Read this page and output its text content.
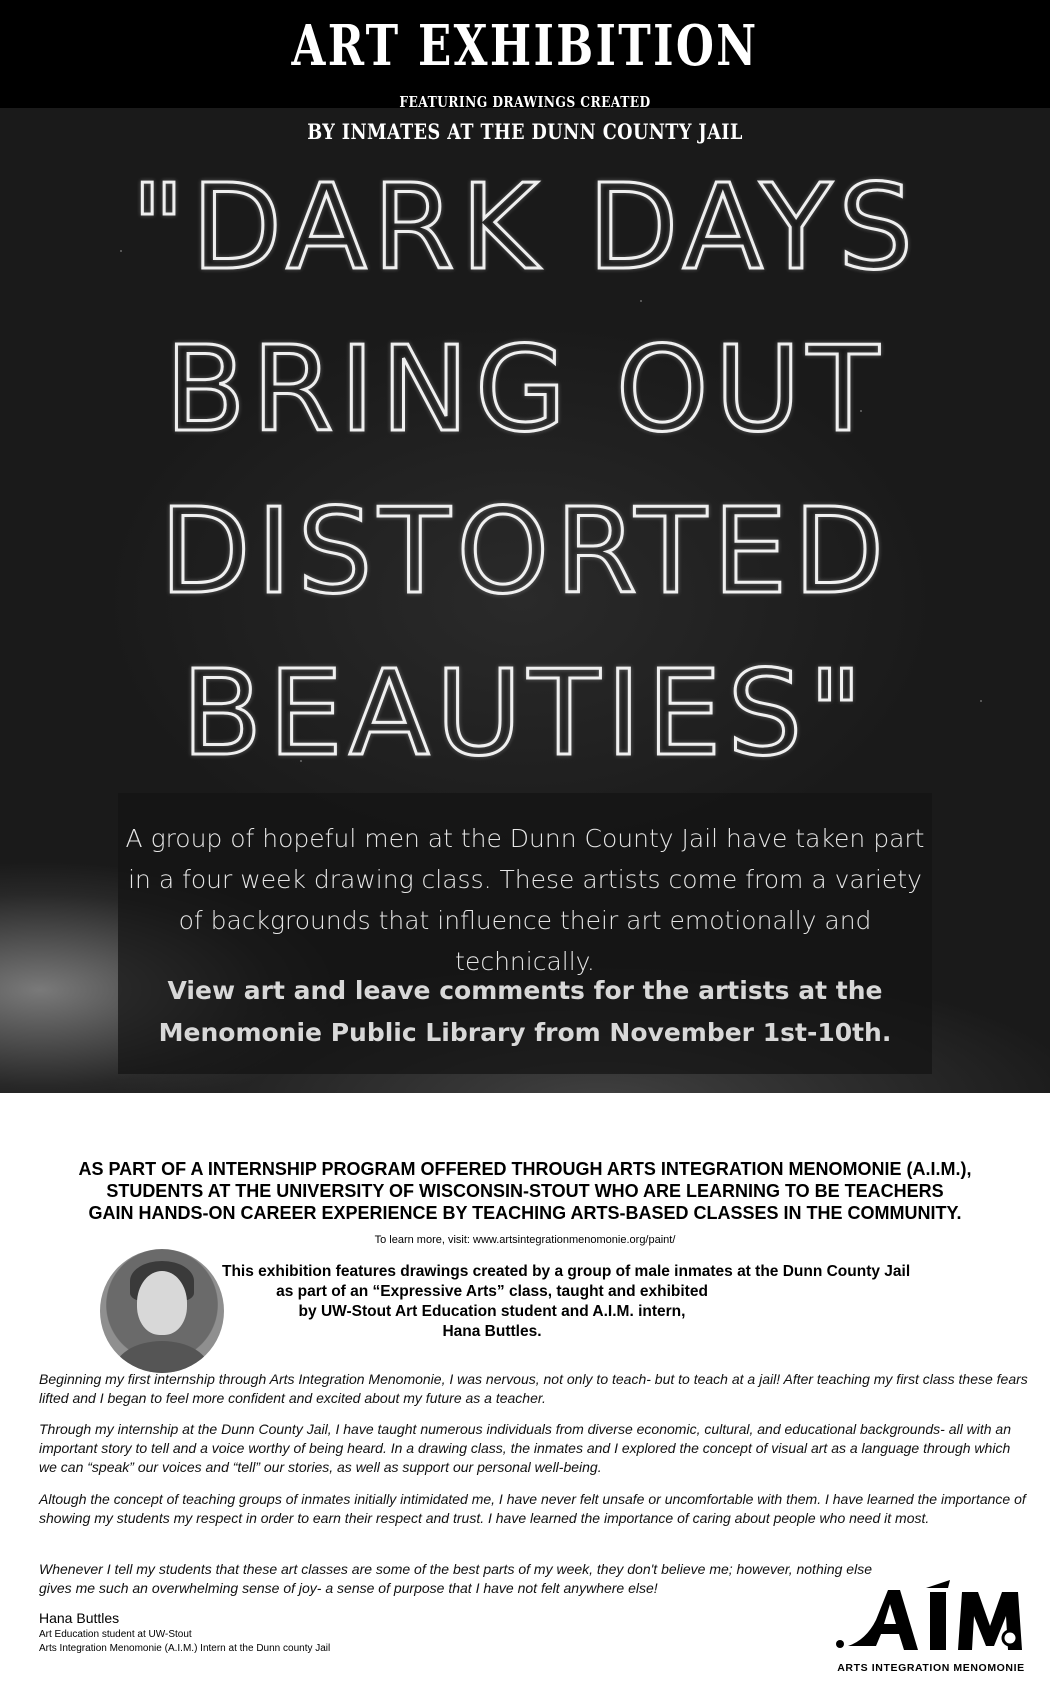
ART EXHIBITION
FEATURING DRAWINGS CREATED
BY INMATES AT THE DUNN COUNTY JAIL
"DARK DAYS
BRING OUT
DISTORTED
BEAUTIES"
A group of hopeful men at the Dunn County Jail have taken part in a four week drawing class. These artists come from a variety of backgrounds that influence their art emotionally and technically.
View art and leave comments for the artists at the Menomonie Public Library from November 1st-10th.
AS PART OF A INTERNSHIP PROGRAM OFFERED THROUGH ARTS INTEGRATION MENOMONIE (A.I.M.),
STUDENTS AT THE UNIVERSITY OF WISCONSIN-STOUT WHO ARE LEARNING TO BE TEACHERS
GAIN HANDS-ON CAREER EXPERIENCE BY TEACHING ARTS-BASED CLASSES IN THE COMMUNITY.
To learn more, visit: www.artsintegrationmenomonie.org/paint/
This exhibition features drawings created by a group of male inmates at the Dunn County Jail
as part of an “Expressive Arts” class, taught and exhibited
by UW-Stout Art Education student and A.I.M. intern,
Hana Buttles.
Beginning my first internship through Arts Integration Menomonie, I was nervous, not only to teach- but to teach at a jail! After teaching my first class these fears lifted and I began to feel more confident and excited about my future as a teacher.
Through my internship at the Dunn County Jail, I have taught numerous individuals from diverse economic, cultural, and educational backgrounds- all with an important story to tell and a voice worthy of being heard. In a drawing class, the inmates and I explored the concept of visual art as a language through which we can “speak” our voices and “tell” our stories, as well as support our personal well-being.
Altough the concept of teaching groups of inmates initially intimidated me, I have never felt unsafe or uncomfortable with them. I have learned the importance of showing my students my respect in order to earn their respect and trust. I have learned the importance of caring about people who need it most.
Whenever I tell my students that these art classes are some of the best parts of my week, they don't believe me; however, nothing else gives me such an overwhelming sense of joy- a sense of purpose that I have not felt anywhere else!
Hana Buttles
Art Education student at UW-Stout
Arts Integration Menomonie (A.I.M.) Intern at the Dunn county Jail
ARTS INTEGRATION MENOMONIE
